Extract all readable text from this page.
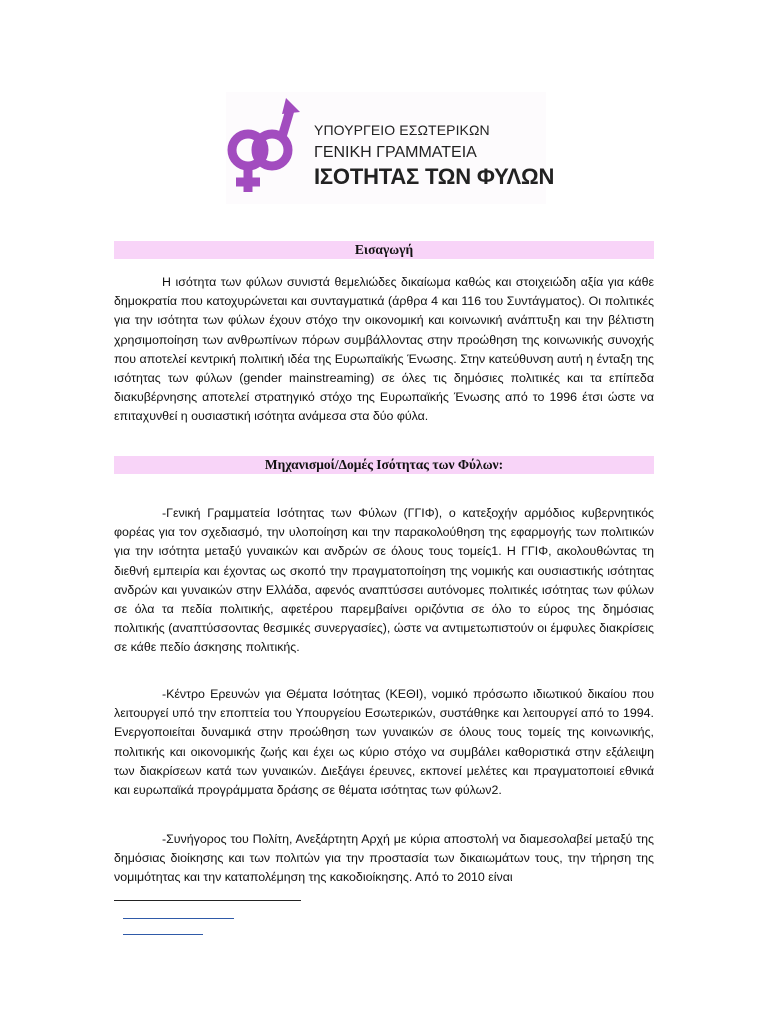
ΥΠΟΥΡΓΕΙΟ ΕΣΩΤΕΡΙΚΩΝ
ΓΕΝΙΚΗ ΓΡΑΜΜΑΤΕΙΑ
ΙΣΟΤΗΤΑΣ ΤΩΝ ΦΥΛΩΝ
Εισαγωγή
Η ισότητα των φύλων συνιστά θεμελιώδες δικαίωμα καθώς και στοιχειώδη αξία για κάθε δημοκρατία που κατοχυρώνεται και συνταγματικά (άρθρα 4 και 116 του Συντάγματος). Οι πολιτικές για την ισότητα των φύλων έχουν στόχο την οικονομική και κοινωνική ανάπτυξη και την βέλτιστη χρησιμοποίηση των ανθρωπίνων πόρων συμβάλλοντας στην προώθηση της κοινωνικής συνοχής που αποτελεί κεντρική πολιτική ιδέα της Ευρωπαϊκής Ένωσης. Στην κατεύθυνση αυτή η ένταξη της ισότητας των φύλων (gender mainstreaming) σε όλες τις δημόσιες πολιτικές και τα επίπεδα διακυβέρνησης αποτελεί στρατηγικό στόχο της Ευρωπαϊκής Ένωσης από το 1996 έτσι ώστε να επιταχυνθεί η ουσιαστική ισότητα ανάμεσα στα δύο φύλα.
Μηχανισμοί/Δομές Ισότητας των Φύλων:
-Γενική Γραμματεία Ισότητας των Φύλων (ΓΓΙΦ), ο κατεξοχήν αρμόδιος κυβερνητικός φορέας για τον σχεδιασμό, την υλοποίηση και την παρακολούθηση της εφαρμογής των πολιτικών για την ισότητα μεταξύ γυναικών και ανδρών σε όλους τους τομείς1. Η ΓΓΙΦ, ακολουθώντας τη διεθνή εμπειρία και έχοντας ως σκοπό την πραγματοποίηση της νομικής και ουσιαστικής ισότητας ανδρών και γυναικών στην Ελλάδα, αφενός αναπτύσσει αυτόνομες πολιτικές ισότητας των φύλων σε όλα τα πεδία πολιτικής, αφετέρου παρεμβαίνει οριζόντια σε όλο το εύρος της δημόσιας πολιτικής (αναπτύσσοντας θεσμικές συνεργασίες), ώστε να αντιμετωπιστούν οι έμφυλες διακρίσεις σε κάθε πεδίο άσκησης πολιτικής.
-Κέντρο Ερευνών για Θέματα Ισότητας (ΚΕΘΙ), νομικό πρόσωπο ιδιωτικού δικαίου που λειτουργεί υπό την εποπτεία του Υπουργείου Εσωτερικών, συστάθηκε και λειτουργεί από το 1994. Ενεργοποιείται δυναμικά στην προώθηση των γυναικών σε όλους τους τομείς της κοινωνικής, πολιτικής και οικονομικής ζωής και έχει ως κύριο στόχο να συμβάλει καθοριστικά στην εξάλειψη των διακρίσεων κατά των γυναικών. Διεξάγει έρευνες, εκπονεί μελέτες και πραγματοποιεί εθνικά και ευρωπαϊκά προγράμματα δράσης σε θέματα ισότητας των φύλων2.
-Συνήγορος του Πολίτη, Ανεξάρτητη Αρχή με κύρια αποστολή να διαμεσολαβεί μεταξύ της δημόσιας διοίκησης και των πολιτών για την προστασία των δικαιωμάτων τους, την τήρηση της νομιμότητας και την καταπολέμηση της κακοδιοίκησης. Από το 2010 είναι
